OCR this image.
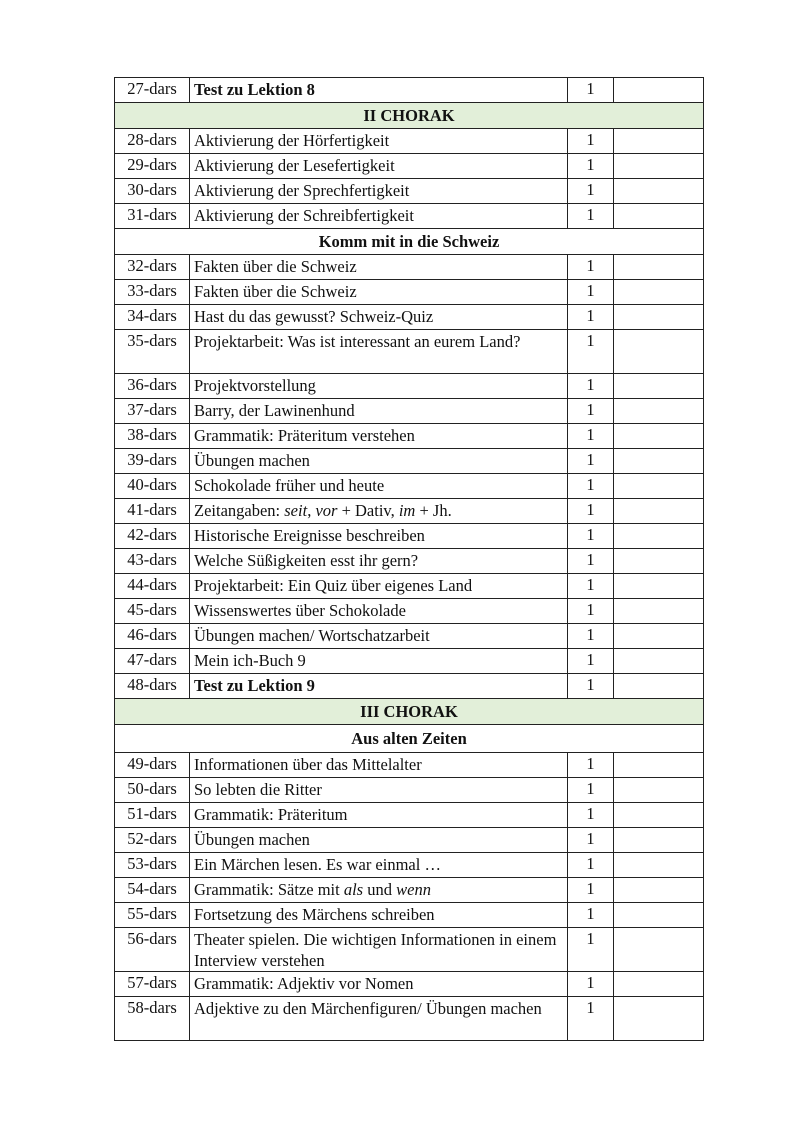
27-dars	Test zu Lektion 8	1	
II CHORAK			
28-dars	Aktivierung der Hörfertigkeit	1	
29-dars	Aktivierung der Lesefertigkeit	1	
30-dars	Aktivierung der Sprechfertigkeit	1	
31-dars	Aktivierung der Schreibfertigkeit	1	
Komm mit in die Schweiz			
32-dars	Fakten über die Schweiz	1	
33-dars	Fakten über die Schweiz	1	
34-dars	Hast du das gewusst? Schweiz-Quiz	1	
35-dars	Projektarbeit: Was ist interessant an eurem Land?	1	
36-dars	Projektvorstellung	1	
37-dars	Barry, der Lawinenhund	1	
38-dars	Grammatik: Präteritum verstehen	1	
39-dars	Übungen machen	1	
40-dars	Schokolade früher und heute	1	
41-dars	Zeitangaben: seit, vor + Dativ, im + Jh.	1	
42-dars	Historische Ereignisse beschreiben	1	
43-dars	Welche Süßigkeiten esst ihr gern?	1	
44-dars	Projektarbeit: Ein Quiz über eigenes Land	1	
45-dars	Wissenswertes über Schokolade	1	
46-dars	Übungen machen/ Wortschatzarbeit	1	
47-dars	Mein ich-Buch 9	1	
48-dars	Test zu Lektion 9	1	
III CHORAK			
Aus alten Zeiten			
49-dars	Informationen über das Mittelalter	1	
50-dars	So lebten die Ritter	1	
51-dars	Grammatik: Präteritum	1	
52-dars	Übungen machen	1	
53-dars	Ein Märchen lesen. Es war einmal …	1	
54-dars	Grammatik: Sätze mit als und wenn	1	
55-dars	Fortsetzung des Märchens schreiben	1	
56-dars	Theater spielen. Die wichtigen Informationen in einem Interview verstehen	1	
57-dars	Grammatik: Adjektiv vor Nomen	1	
58-dars	Adjektive zu den Märchenfiguren/ Übungen machen	1	
